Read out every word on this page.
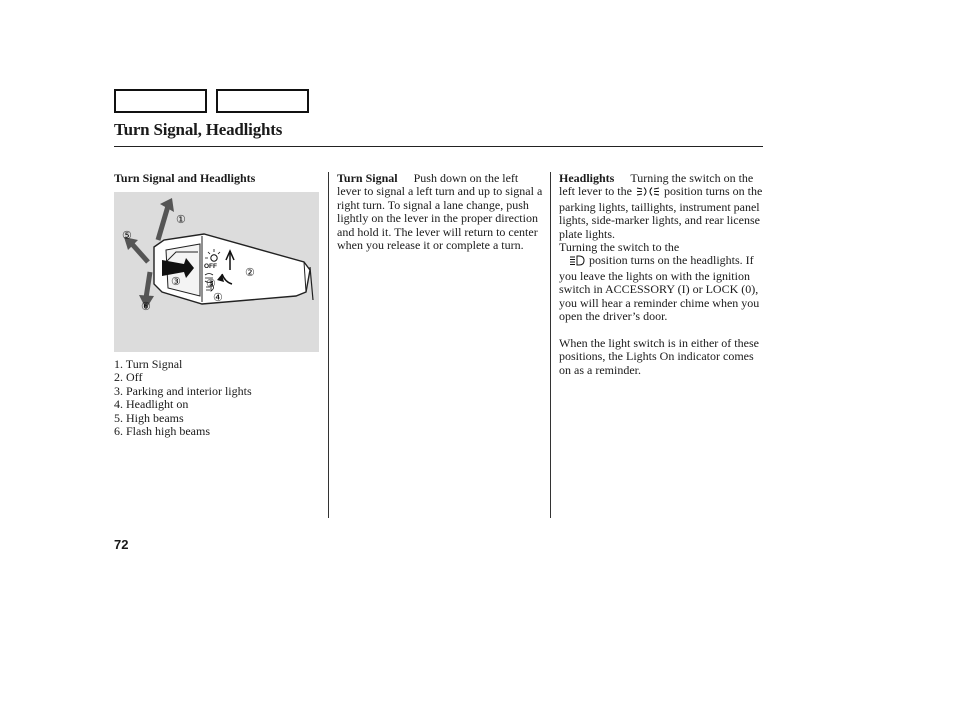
Turn Signal, Headlights
Turn Signal and Headlights
OFF
①
②
③
④
⑤
③
⑥
1. Turn Signal
2. Off
3. Parking and interior lights
4. Headlight on
5. High beams
6. Flash high beams

Turn Signal Push down on the left lever to signal a left turn and up to signal a right turn. To signal a lane change, push lightly on the lever in the proper direction and hold it. The lever will return to center when you release it or complete a turn.

Headlights Turning the switch on the left lever to the	position turns on the parking lights, taillights, instrument panel lights, side-marker lights, and rear license plate lights.
Turning the switch to the
position turns on the headlights. If you leave the lights on with the ignition switch in ACCESSORY (I) or LOCK (0), you will hear a reminder chime when you open the driver’s door.

When the light switch is in either of these positions, the Lights On indicator comes on as a reminder.

72
